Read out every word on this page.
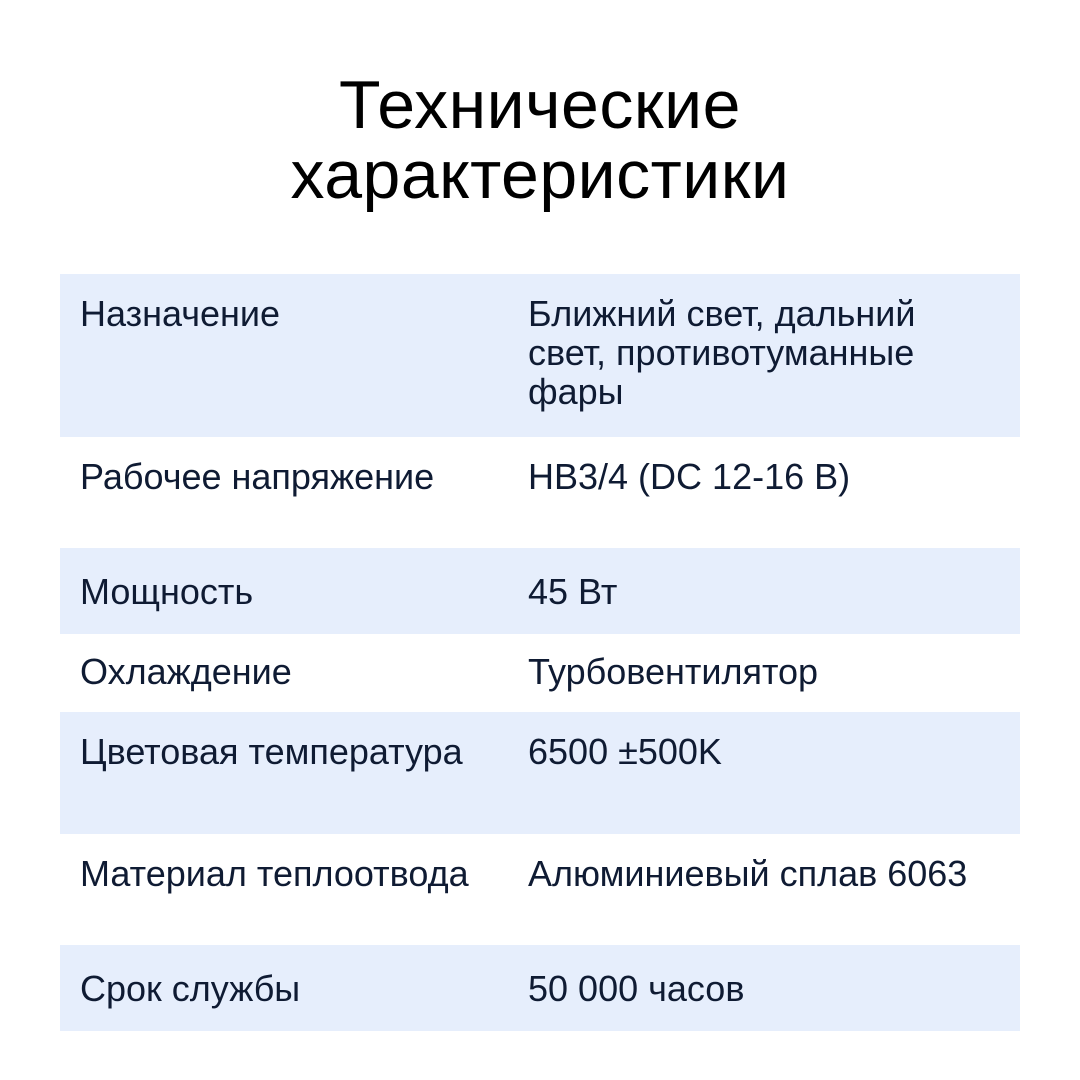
Технические
характеристики
Назначение	Ближний свет, дальний свет, противотуманные фары

Рабочее напряжение	HB3/4 (DC 12-16 В)

Мощность	45 Вт

Охлаждение	Турбовентилятор

Цветовая температура	6500 ±500K

Материал теплоотвода	Алюминиевый сплав 6063

Срок службы	50 000 часов
